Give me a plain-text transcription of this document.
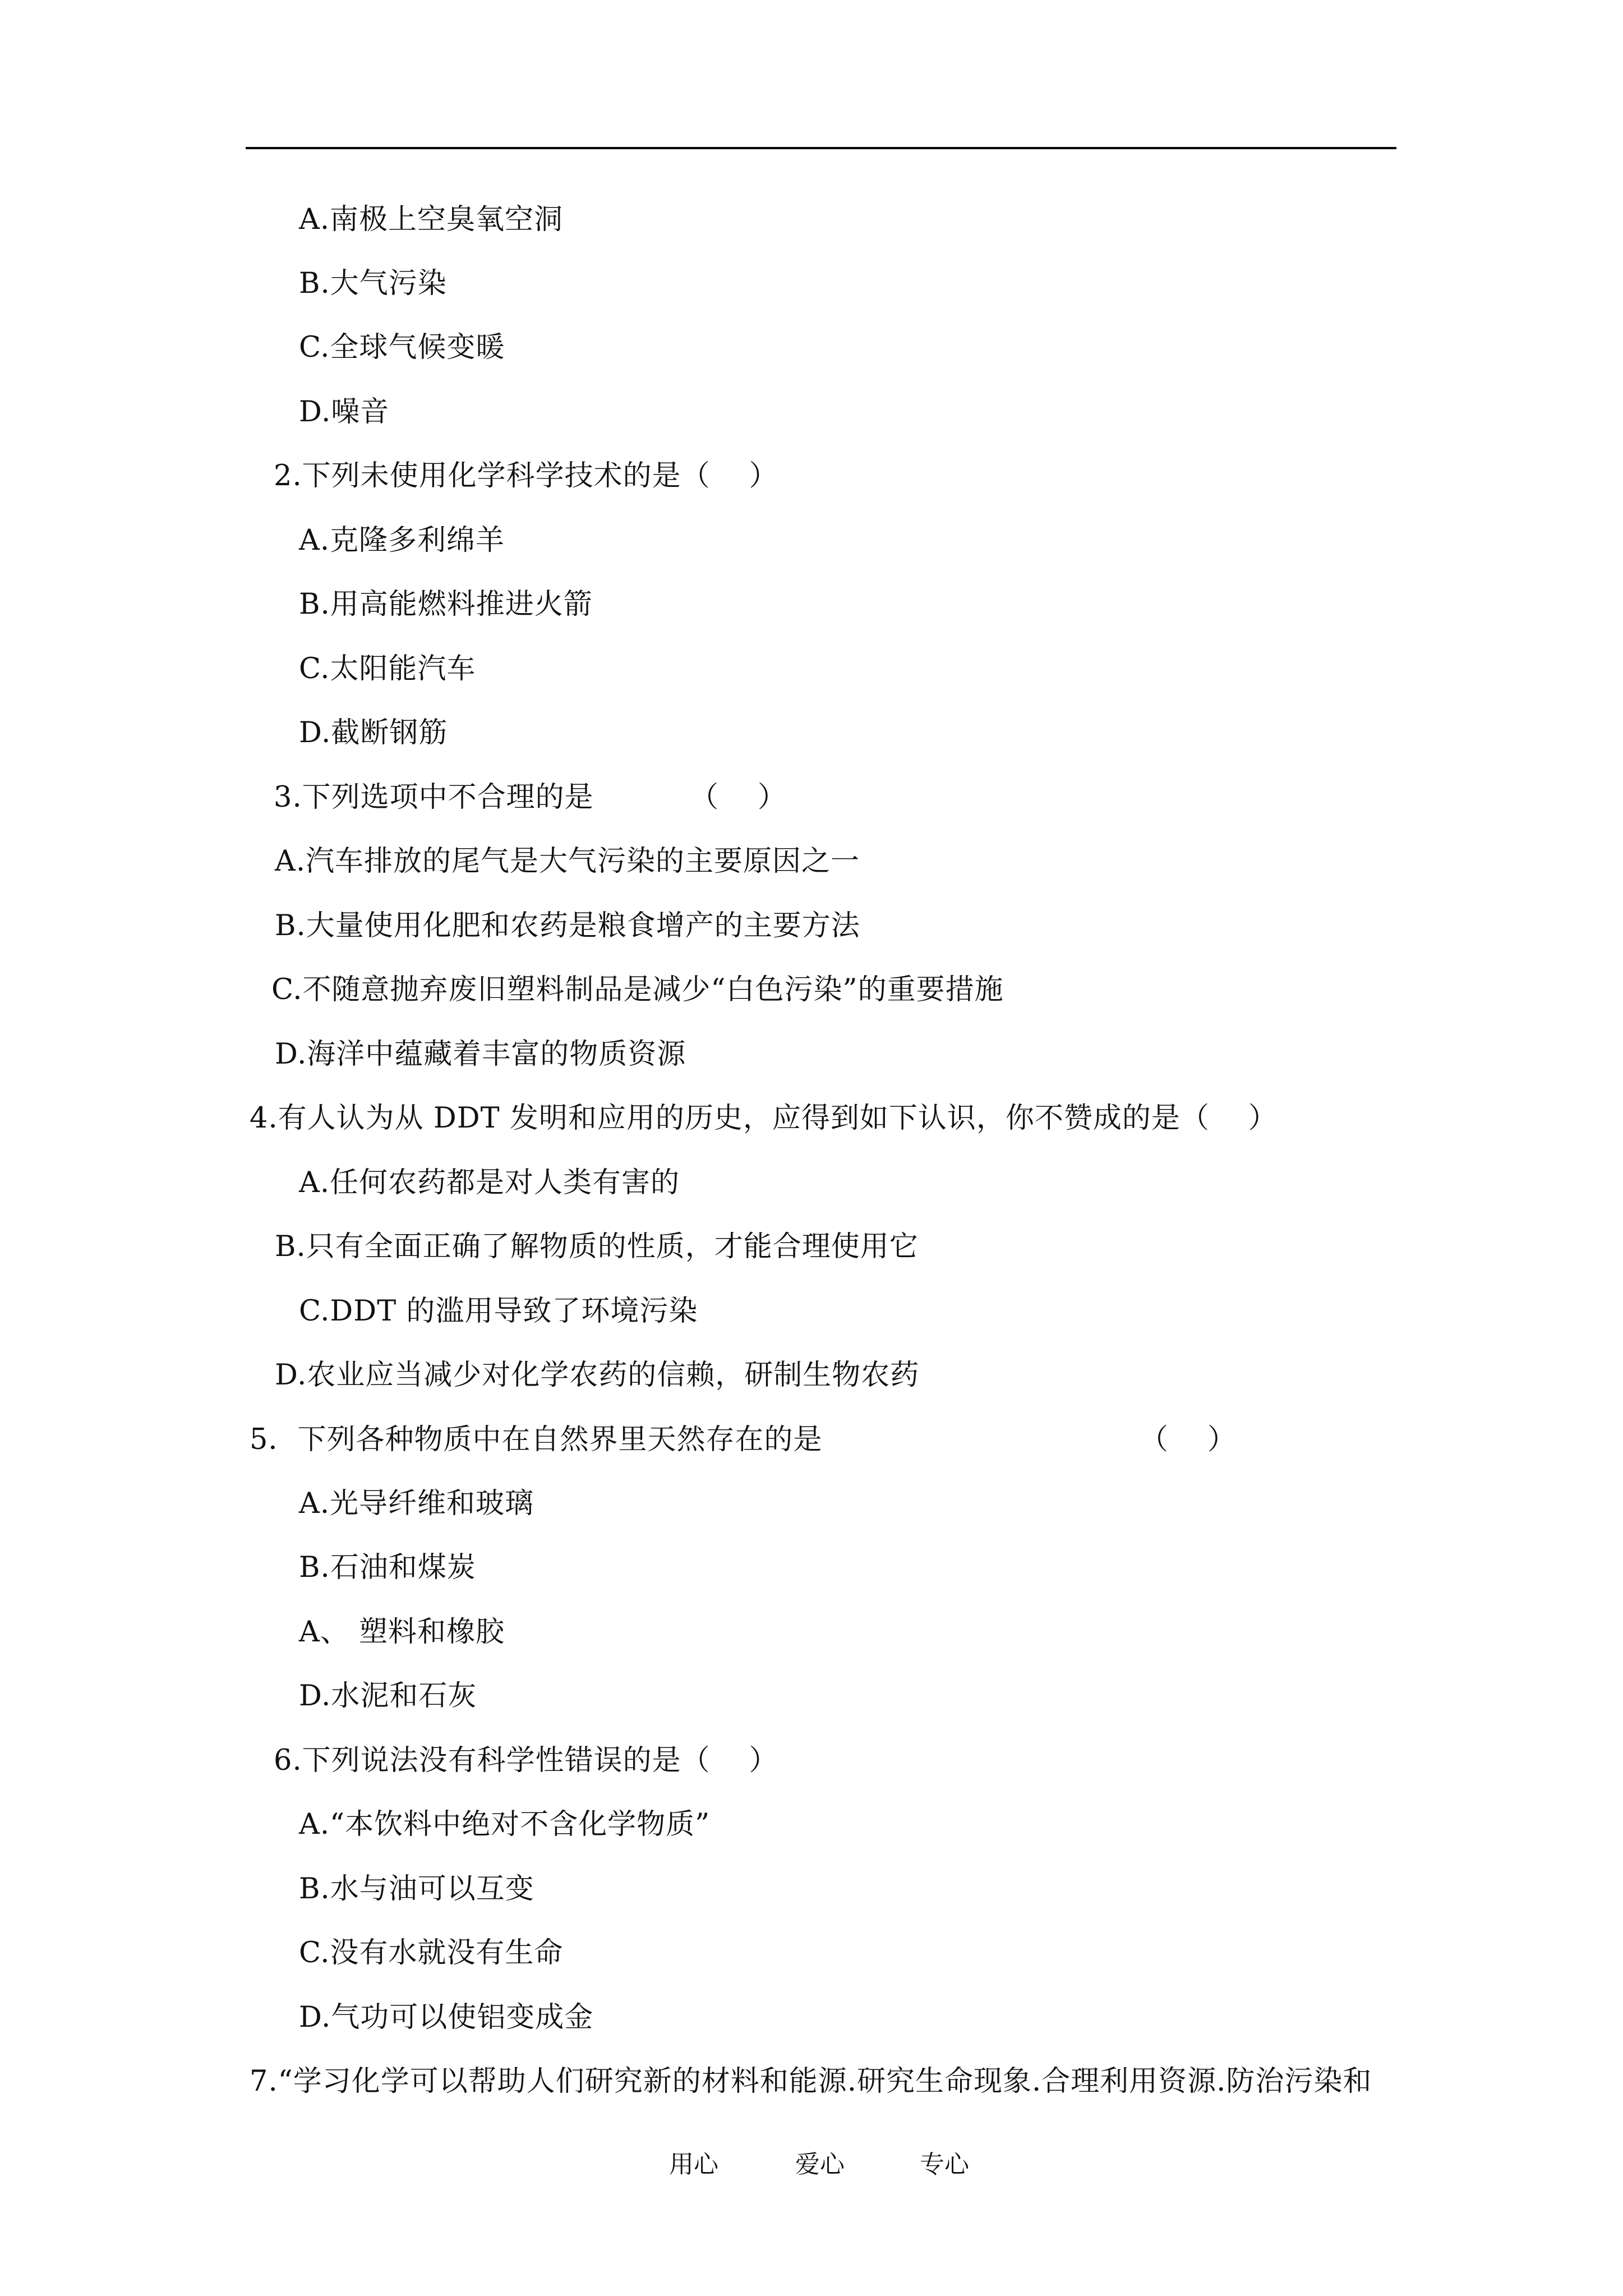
A.南极上空臭氧空洞
B.大气污染
C.全球气候变暖
D.噪音
2.下列未使用化学科学技术的是（    ）
A.克隆多利绵羊
B.用高能燃料推进火箭
C.太阳能汽车
D.截断钢筋
3.下列选项中不合理的是	（    ）
A.汽车排放的尾气是大气污染的主要原因之一
B.大量使用化肥和农药是粮食增产的主要方法
C.不随意抛弃废旧塑料制品是减少“白色污染”的重要措施
D.海洋中蕴藏着丰富的物质资源
4.有人认为从 DDT 发明和应用的历史，应得到如下认识，你不赞成的是（    ）
A.任何农药都是对人类有害的
B.只有全面正确了解物质的性质，才能合理使用它
C.DDT 的滥用导致了环境污染
D.农业应当减少对化学农药的信赖，研制生物农药
5．下列各种物质中在自然界里天然存在的是	（    ）
A.光导纤维和玻璃
B.石油和煤炭
A、 塑料和橡胶
D.水泥和石灰
6.下列说法没有科学性错误的是（    ）
A.“本饮料中绝对不含化学物质”
B.水与油可以互变
C.没有水就没有生命
D.气功可以使铝变成金
7.“学习化学可以帮助人们研究新的材料和能源.研究生命现象.合理利用资源.防治污染和
用心	爱心	专心
